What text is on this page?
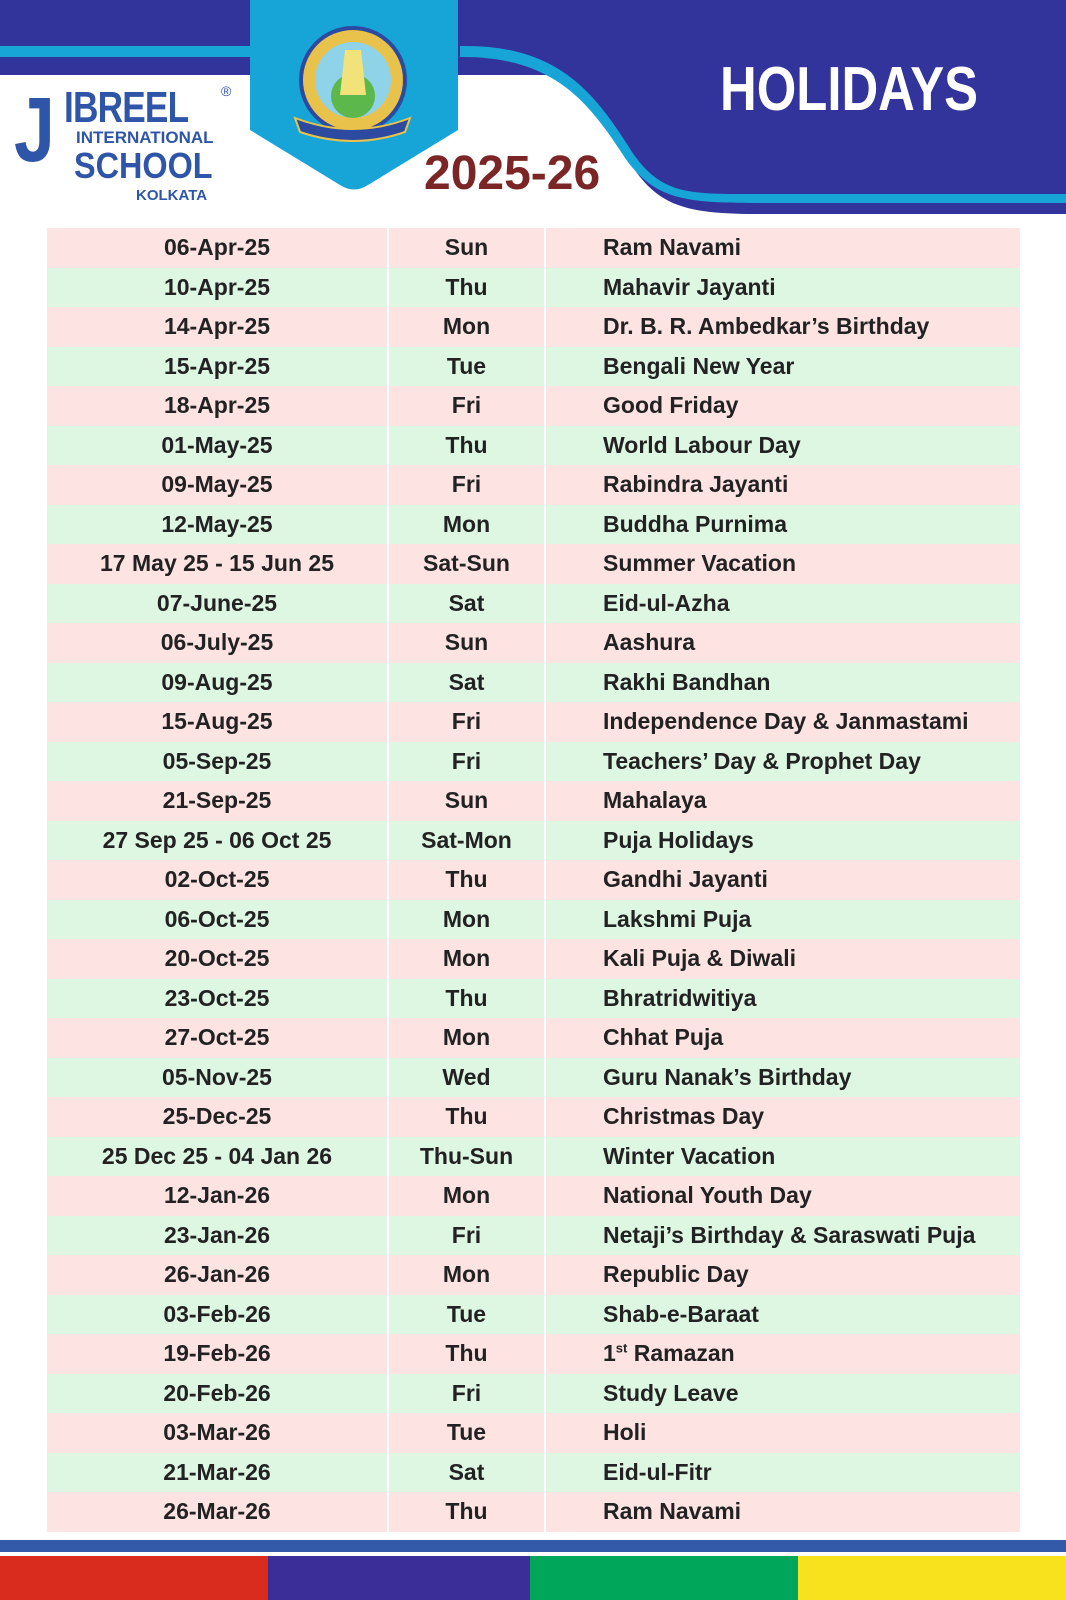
J IBREEL ®
INTERNATIONAL
SCHOOL
KOLKATA
HOLIDAYS
2025-26
06-Apr-25	Sun	Ram Navami
10-Apr-25	Thu	Mahavir Jayanti
14-Apr-25	Mon	Dr. B. R. Ambedkar’s Birthday
15-Apr-25	Tue	Bengali New Year
18-Apr-25	Fri	Good Friday
01-May-25	Thu	World Labour Day
09-May-25	Fri	Rabindra Jayanti
12-May-25	Mon	Buddha Purnima
17 May 25 - 15 Jun 25	Sat-Sun	Summer Vacation
07-June-25	Sat	Eid-ul-Azha
06-July-25	Sun	Aashura
09-Aug-25	Sat	Rakhi Bandhan
15-Aug-25	Fri	Independence Day & Janmastami
05-Sep-25	Fri	Teachers’ Day & Prophet Day
21-Sep-25	Sun	Mahalaya
27 Sep 25 - 06 Oct 25	Sat-Mon	Puja Holidays
02-Oct-25	Thu	Gandhi Jayanti
06-Oct-25	Mon	Lakshmi Puja
20-Oct-25	Mon	Kali Puja & Diwali
23-Oct-25	Thu	Bhratridwitiya
27-Oct-25	Mon	Chhat Puja
05-Nov-25	Wed	Guru Nanak’s Birthday
25-Dec-25	Thu	Christmas Day
25 Dec 25 - 04 Jan 26	Thu-Sun	Winter Vacation
12-Jan-26	Mon	National Youth Day
23-Jan-26	Fri	Netaji’s Birthday & Saraswati Puja
26-Jan-26	Mon	Republic Day
03-Feb-26	Tue	Shab-e-Baraat
19-Feb-26	Thu	1st Ramazan
20-Feb-26	Fri	Study Leave
03-Mar-26	Tue	Holi
21-Mar-26	Sat	Eid-ul-Fitr
26-Mar-26	Thu	Ram Navami
